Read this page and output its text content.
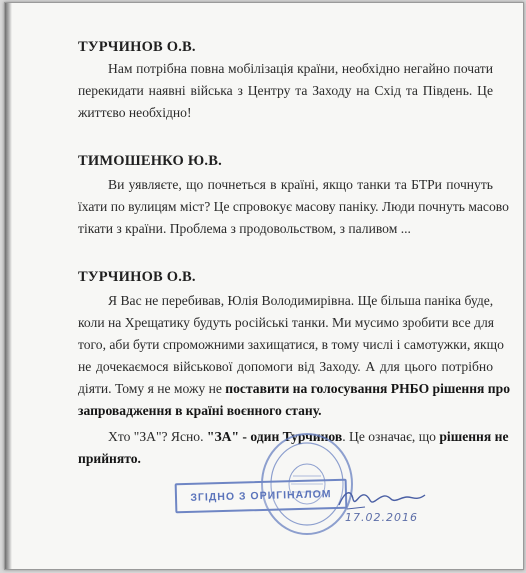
ТУРЧИНОВ О.В.
Нам потрібна повна мобілізація країни, необхідно негайно почати
перекидати наявні війська з Центру та Заходу на Схід та Південь. Це
життєво необхідно!
ТИМОШЕНКО Ю.В.
Ви уявляєте, що почнеться в країні, якщо танки та БТРи почнуть
їхати по вулицям міст? Це спровокує масову паніку. Люди почнуть масово
тікати з країни. Проблема з продовольством, з паливом ...
ТУРЧИНОВ О.В.
Я Вас не перебивав, Юлія Володимирівна. Ще більша паніка буде,
коли на Хрещатику будуть російські танки. Ми мусимо зробити все для
того, аби бути спроможними захищатися, в тому числі і самотужки, якщо
не дочекаємося військової допомоги від Заходу. А для цього потрібно
діяти. Тому я не можу не поставити на голосування РНБО рішення про
запровадження в країні воєнного стану.
Хто "ЗА"? Ясно. "ЗА" - один Турчинов. Це означає, що рішення не
прийнято.
ЗГІДНО З ОРИГІНАЛОМ
17.02.2016
